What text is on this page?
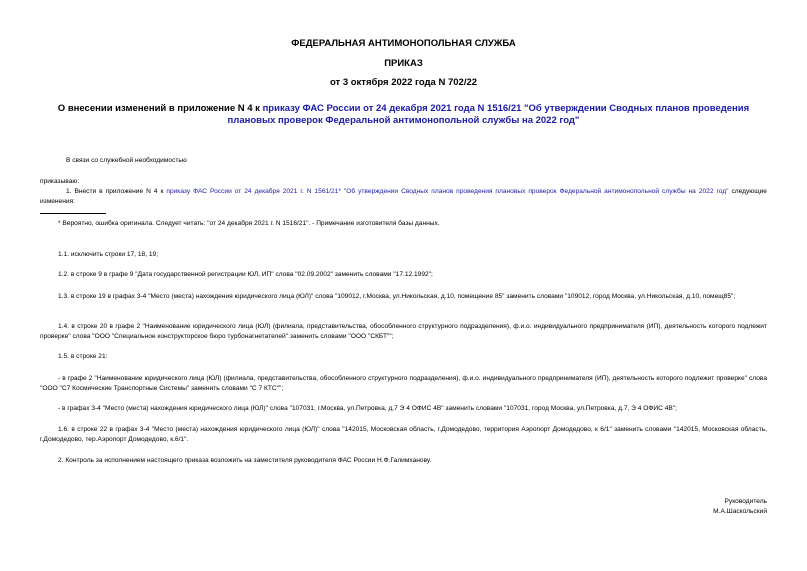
ФЕДЕРАЛЬНАЯ АНТИМОНОПОЛЬНАЯ СЛУЖБА
ПРИКАЗ
от 3 октября 2022 года N 702/22
О внесении изменений в приложение N 4 к приказу ФАС России от 24 декабря 2021 года N 1516/21 "Об утверждении Сводных планов проведения плановых проверок Федеральной антимонопольной службы на 2022 год"
В связи со служебной необходимостью
приказываю:
1. Внести в приложение N 4 к приказу ФАС России от 24 декабря 2021 г. N 1561/21* "Об утверждении Сводных планов проведения плановых проверок Федеральной антимонопольной службы на 2022 год" следующие изменения:
* Вероятно, ошибка оригинала. Следует читать: "от 24 декабря 2021 г. N 1516/21". - Примечание изготовителя базы данных.
1.1. исключить строки 17, 18, 19;
1.2. в строке 9 в графе 9 "Дата государственной регистрации ЮЛ, ИП" слова "02.09.2002" заменить словами "17.12.1992";
1.3. в строке 19 в графах 3-4 "Место (места) нахождения юридического лица (ЮЛ)" слова "109012, г.Москва, ул.Никольская, д.10, помещение 85" заменить словами "109012, город Москва, ул.Никольская, д.10, помещ85";
1.4. в строке 20 в графе 2 "Наименование юридического лица (ЮЛ) (филиала, представительства, обособленного структурного подразделения), ф.и.о. индивидуального предпринимателя (ИП), деятельность которого подлежит проверке" слова "ООО "Специальное конструкторское бюро турбонагнетателей" заменить словами "ООО "СКБТ"";
1.5. в строке 21:
- в графе 2 "Наименование юридического лица (ЮЛ) (филиала, представительства, обособленного структурного подразделения), ф.и.о. индивидуального предпринимателя (ИП), деятельность которого подлежит проверке" слова "ООО "С7 Космические Транспортные Системы" заменить словами "С 7 КТС"";
- в графах 3-4 "Место (места) нахождения юридического лица (ЮЛ)" слова "107031, г.Москва, ул.Петровка, д.7 Э 4 ОФИС 4В" заменить словами "107031, город Москва, ул.Петровка, д.7, Э 4 ОФИС 4В";
1.6. в строке 22 в графах 3-4 "Место (места) нахождения юридического лица (ЮЛ)" слова "142015, Московская область, г.Домодедово, территория Аэропорт Домодедово, к 6/1" заменить словами "142015, Московская область, г.Домодедово, тер.Аэропорт Домодедово, к.6/1".
2. Контроль за исполнением настоящего приказа возложить на заместителя руководителя ФАС России Н.Ф.Галимханову.
Руководитель
М.А.Шаскольский
